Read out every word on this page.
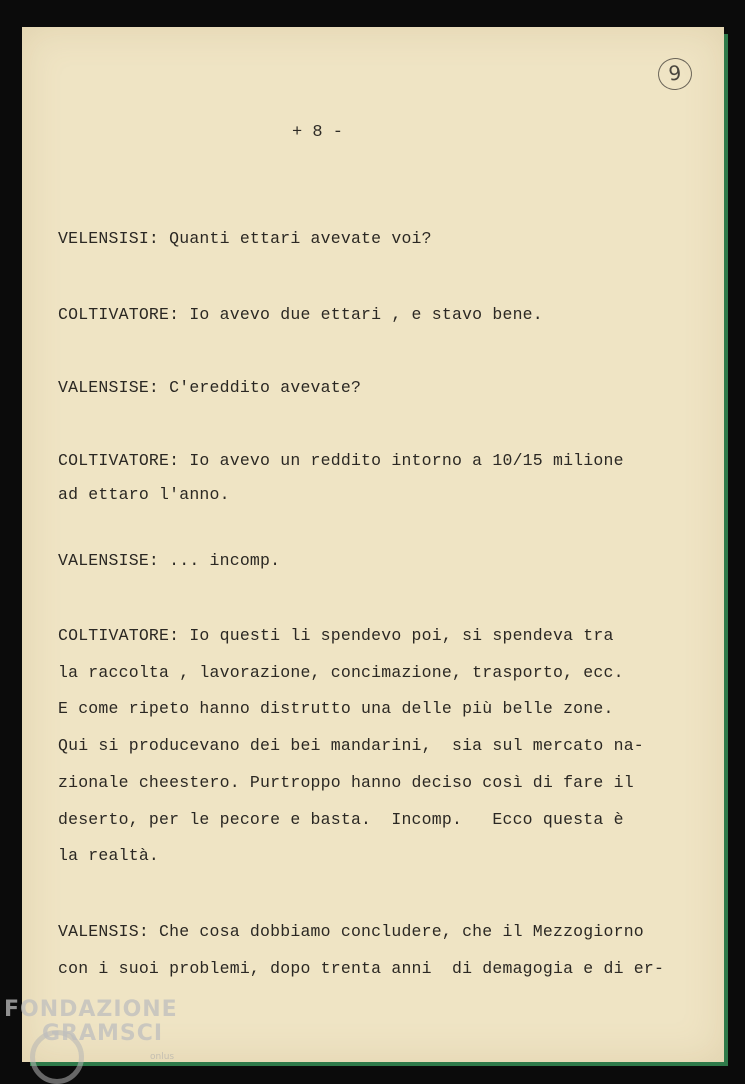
9
+ 8 -
VELENSISI: Quanti ettari avevate voi?
COLTIVATORE: Io avevo due ettari , e stavo bene.
VALENSISE: C'ereddito avevate?
COLTIVATORE: Io avevo un reddito intorno a 10/15 milione
ad ettaro l'anno.
VALENSISE: ... incomp.
COLTIVATORE: Io questi li spendevo poi, si spendeva tra
la raccolta , lavorazione, concimazione, trasporto, ecc.
E come ripeto hanno distrutto una delle più belle zone.
Qui si producevano dei bei mandarini,  sia sul mercato na-
zionale cheestero. Purtroppo hanno deciso così di fare il
deserto, per le pecore e basta.  Incomp.   Ecco questa è
la realtà.
VALENSIS: Che cosa dobbiamo concludere, che il Mezzogiorno
con i suoi problemi, dopo trenta anni  di demagogia e di er-
FONDAZIONE
GRAMSCI
onlus
